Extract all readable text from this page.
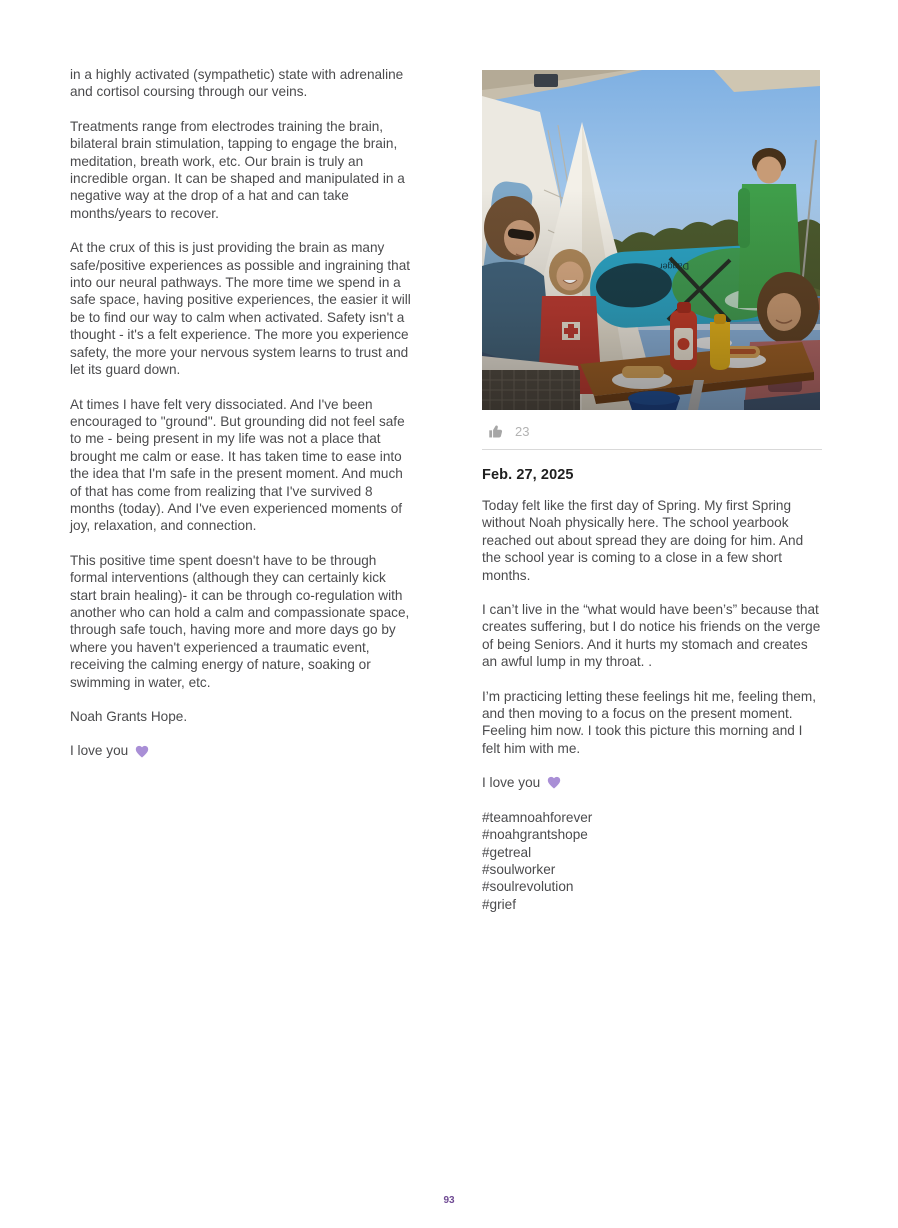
in a highly activated (sympathetic) state with adrenaline and cortisol coursing through our veins.

Treatments range from electrodes training the brain, bilateral brain stimulation, tapping to engage the brain, meditation, breath work, etc. Our brain is truly an incredible organ. It can be shaped and manipulated in a negative way at the drop of a hat and can take months/years to recover.

At the crux of this is just providing the brain as many safe/positive experiences as possible and ingraining that into our neural pathways. The more time we spend in a safe space, having positive experiences, the easier it will be to find our way to calm when activated. Safety isn't a thought - it's a felt experience. The more you experience safety, the more your nervous system learns to trust and let its guard down.

At times I have felt very dissociated. And I've been encouraged to "ground". But grounding did not feel safe to me - being present in my life was not a place that brought me calm or ease. It has taken time to ease into the idea that I'm safe in the present moment. And much of that has come from realizing that I've survived 8 months (today). And I've even experienced moments of joy, relaxation, and connection.

This positive time spent doesn't have to be through formal interventions (although they can certainly kick start brain healing)- it can be through co-regulation with another who can hold a calm and compassionate space, through safe touch, having more and more days go by where you haven't experienced a traumatic event, receiving the calming energy of nature, soaking or swimming in water, etc.

Noah Grants Hope.

I love you
23
Feb. 27, 2025

Today felt like the first day of Spring. My first Spring without Noah physically here. The school yearbook reached out about spread they are doing for him. And the school year is coming to a close in a few short months.

I can’t live in the “what would have been’s” because that creates suffering, but I do notice his friends on the verge of being Seniors. And it hurts my stomach and creates an awful lump in my throat. .

I’m practicing letting these feelings hit me, feeling them, and then moving to a focus on the present moment. Feeling him now. I took this picture this morning and I felt him with me.

I love you
#teamnoahforever
#noahgrantshope
#getreal
#soulworker
#soulrevolution
#grief
93
